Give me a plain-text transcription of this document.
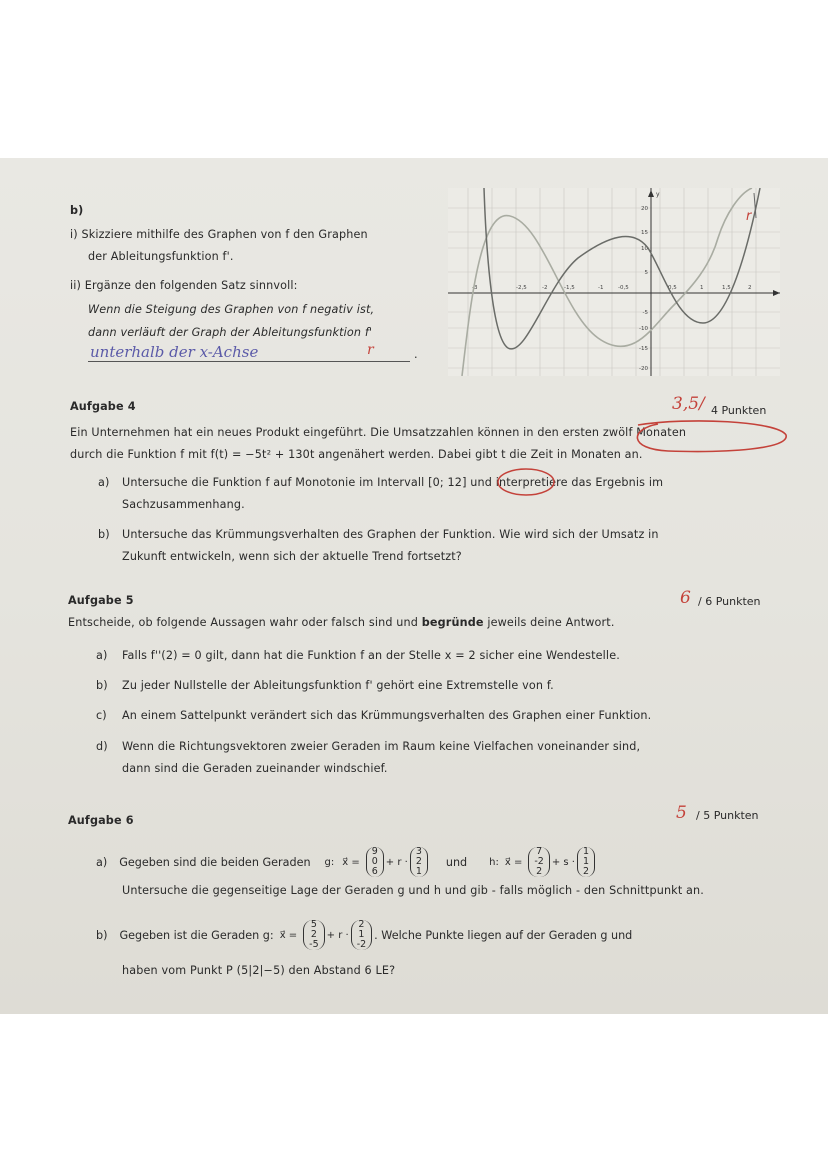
b)
i) Skizziere mithilfe des Graphen von f den Graphen
der Ableitungsfunktion f'.
ii) Ergänze den folgenden Satz sinnvoll:
Wenn die Steigung des Graphen von f negativ ist,
dann verläuft der Graph der Ableitungsfunktion f'
unterhalb der x-Achse	r	.
y
-3	-2,5	-2	-1,5	-1	-0,5	0,5	1	1,5	2
20
15
10
5
-5
-10
-15
-20
r
Aufgabe 4	3,5/ 4 Punkten
Ein Unternehmen hat ein neues Produkt eingeführt. Die Umsatzzahlen können in den ersten zwölf Monaten
durch die Funktion f mit f(t) = −5t² + 130t angenähert werden. Dabei gibt t die Zeit in Monaten an.
a) Untersuche die Funktion f auf Monotonie im Intervall [0; 12] und interpretiere das Ergebnis im
Sachzusammenhang.
b) Untersuche das Krümmungsverhalten des Graphen der Funktion. Wie wird sich der Umsatz in
Zukunft entwickeln, wenn sich der aktuelle Trend fortsetzt?
Aufgabe 5	6 / 6 Punkten
Entscheide, ob folgende Aussagen wahr oder falsch sind und begründe jeweils deine Antwort.
a) Falls f''(2) = 0 gilt, dann hat die Funktion f an der Stelle x = 2 sicher eine Wendestelle.
b) Zu jeder Nullstelle der Ableitungsfunktion f' gehört eine Extremstelle von f.
c) An einem Sattelpunkt verändert sich das Krümmungsverhalten des Graphen einer Funktion.
d) Wenn die Richtungsvektoren zweier Geraden im Raum keine Vielfachen voneinander sind,
dann sind die Geraden zueinander windschief.
Aufgabe 6	5 / 5 Punkten
a) Gegeben sind die beiden Geraden g: x⃗ =
9
0
6
+ r ·
3
2
1
und h: x⃗ =
7
-2
2
+ s ·
1
1
2
Untersuche die gegenseitige Lage der Geraden g und h und gib - falls möglich - den Schnittpunkt an.
b) Gegeben ist die Geraden g: x⃗ =
5
2
-5
+ r ·
2
1
-2
. Welche Punkte liegen auf der Geraden g und
haben vom Punkt P (5|2|−5) den Abstand 6 LE?
